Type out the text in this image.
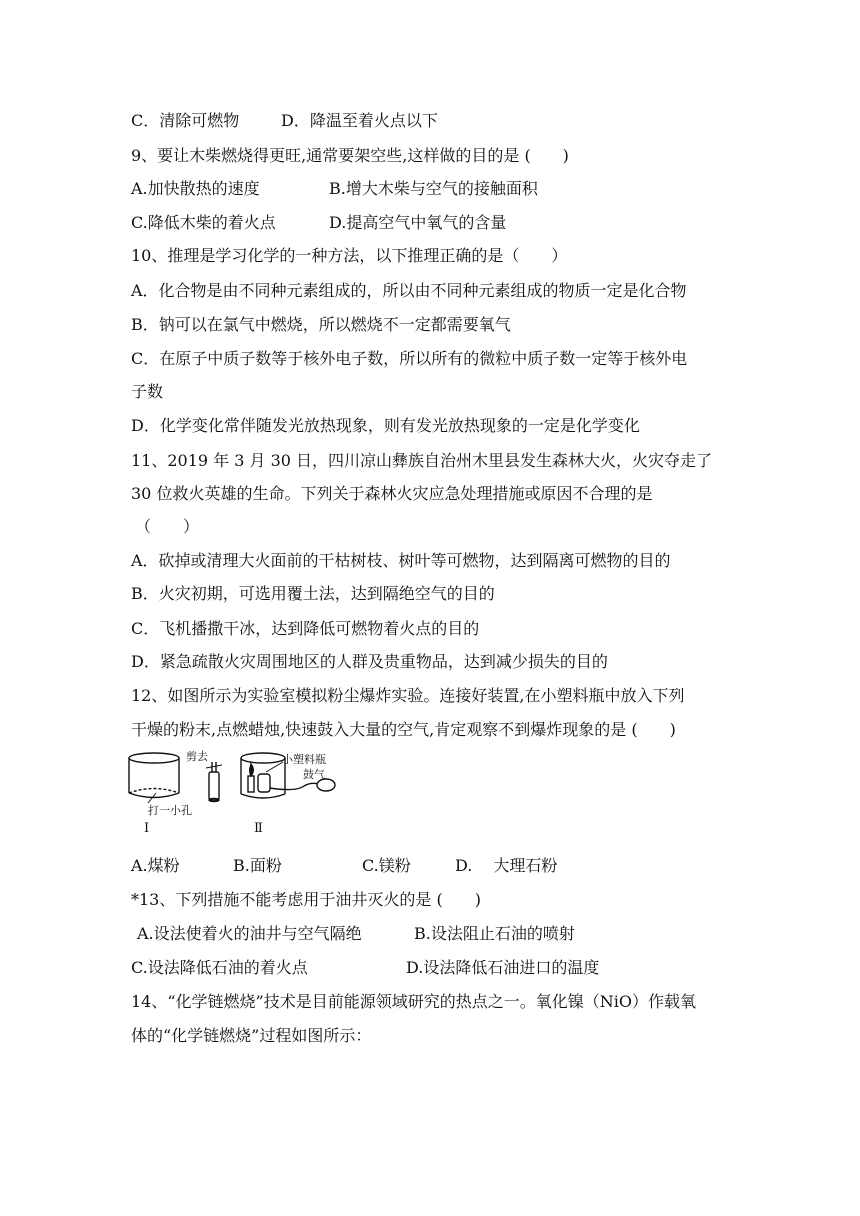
C．清除可燃物	D．降温至着火点以下

9、要让木柴燃烧得更旺,通常要架空些,这样做的目的是 (　　)

A.加快散热的速度	B.增大木柴与空气的接触面积

C.降低木柴的着火点	D.提高空气中氧气的含量

10、推理是学习化学的一种方法，以下推理正确的是（　　）

A．化合物是由不同种元素组成的，所以由不同种元素组成的物质一定是化合物

B．钠可以在氯气中燃烧，所以燃烧不一定都需要氧气

C．在原子中质子数等于核外电子数，所以所有的微粒中质子数一定等于核外电

子数

D．化学变化常伴随发光放热现象，则有发光放热现象的一定是化学变化

11、2019 年 3 月 30 日，四川凉山彝族自治州木里县发生森林大火，火灾夺走了

30 位救火英雄的生命。下列关于森林火灾应急处理措施或原因不合理的是

（　　）

A．砍掉或清理大火面前的干枯树枝、树叶等可燃物，达到隔离可燃物的目的

B．火灾初期，可选用覆土法，达到隔绝空气的目的

C．飞机播撒干冰，达到降低可燃物着火点的目的

D．紧急疏散火灾周围地区的人群及贵重物品，达到减少损失的目的

12、如图所示为实验室模拟粉尘爆炸实验。连接好装置,在小塑料瓶中放入下列

干燥的粉末,点燃蜡烛,快速鼓入大量的空气,肯定观察不到爆炸现象的是 (　　)

剪去
打一小孔
I
小塑料瓶
鼓气
Ⅱ

A.煤粉	B.面粉	C.镁粉	D.　 大理石粉

*13、下列措施不能考虑用于油井灭火的是 (　　)

A.设法使着火的油井与空气隔绝	B.设法阻止石油的喷射

C.设法降低石油的着火点	D.设法降低石油进口的温度

14、“化学链燃烧”技术是目前能源领域研究的热点之一。氧化镍（NiO）作载氧

体的“化学链燃烧”过程如图所示：
